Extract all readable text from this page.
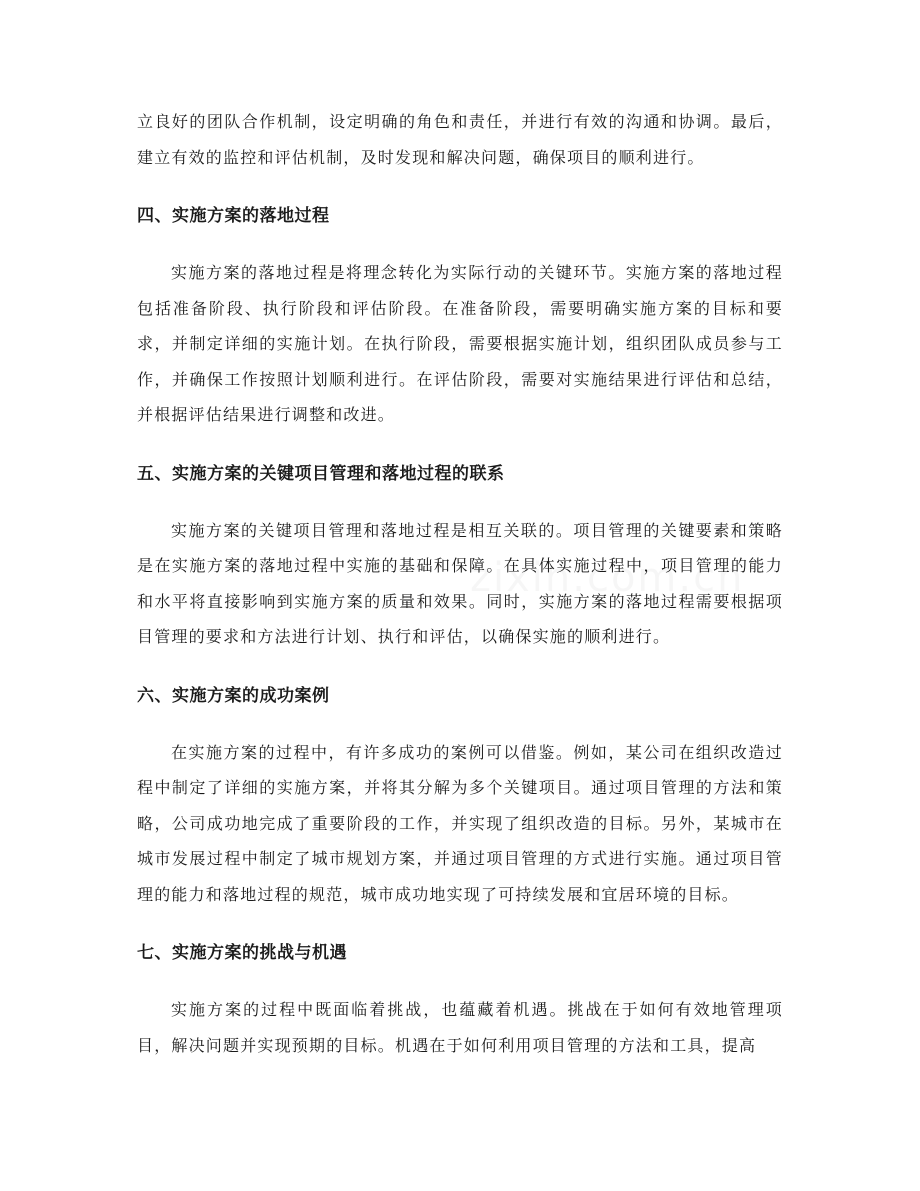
立良好的团队合作机制，设定明确的角色和责任，并进行有效的沟通和协调。最后，建立有效的监控和评估机制，及时发现和解决问题，确保项目的顺利进行。

四、实施方案的落地过程

实施方案的落地过程是将理念转化为实际行动的关键环节。实施方案的落地过程包括准备阶段、执行阶段和评估阶段。在准备阶段，需要明确实施方案的目标和要求，并制定详细的实施计划。在执行阶段，需要根据实施计划，组织团队成员参与工作，并确保工作按照计划顺利进行。在评估阶段，需要对实施结果进行评估和总结，并根据评估结果进行调整和改进。

五、实施方案的关键项目管理和落地过程的联系

实施方案的关键项目管理和落地过程是相互关联的。项目管理的关键要素和策略是在实施方案的落地过程中实施的基础和保障。在具体实施过程中，项目管理的能力和水平将直接影响到实施方案的质量和效果。同时，实施方案的落地过程需要根据项目管理的要求和方法进行计划、执行和评估，以确保实施的顺利进行。

六、实施方案的成功案例

在实施方案的过程中，有许多成功的案例可以借鉴。例如，某公司在组织改造过程中制定了详细的实施方案，并将其分解为多个关键项目。通过项目管理的方法和策略，公司成功地完成了重要阶段的工作，并实现了组织改造的目标。另外，某城市在城市发展过程中制定了城市规划方案，并通过项目管理的方式进行实施。通过项目管理的能力和落地过程的规范，城市成功地实现了可持续发展和宜居环境的目标。

七、实施方案的挑战与机遇

实施方案的过程中既面临着挑战，也蕴藏着机遇。挑战在于如何有效地管理项目，解决问题并实现预期的目标。机遇在于如何利用项目管理的方法和工具，提高
